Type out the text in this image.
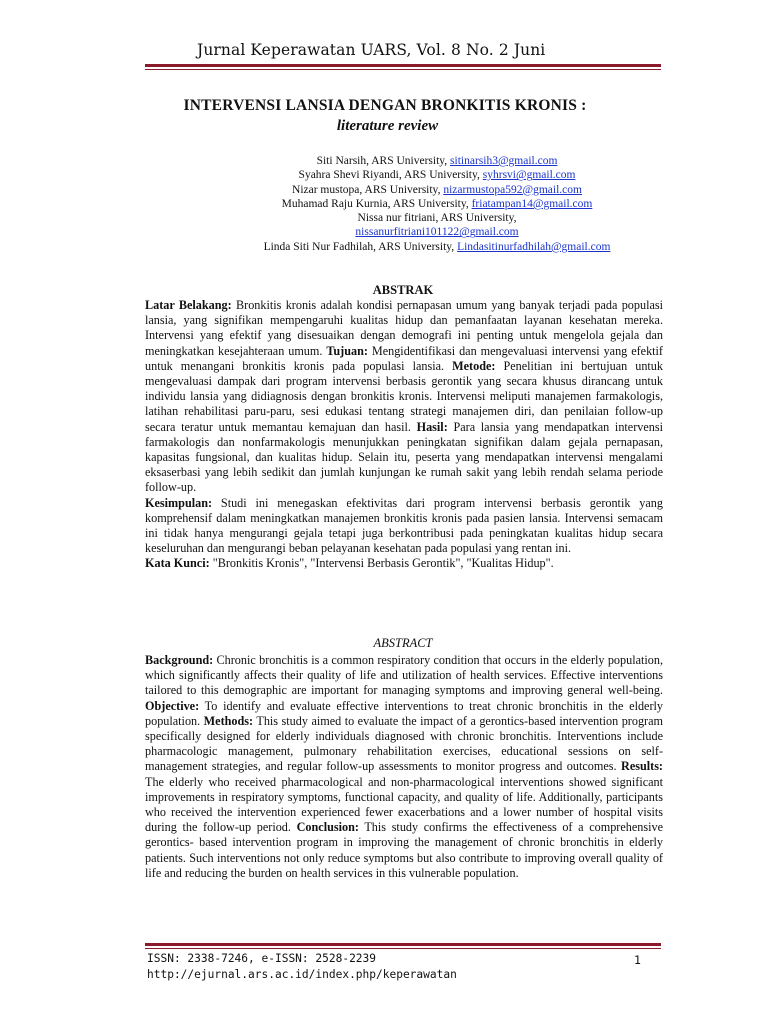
Jurnal Keperawatan UARS, Vol. 8 No. 2 Juni
INTERVENSI LANSIA DENGAN BRONKITIS KRONIS :
literature review
Siti Narsih, ARS University, sitinarsih3@gmail.com
Syahra Shevi Riyandi, ARS University, syhrsvi@gmail.com
Nizar mustopa, ARS University, nizarmustopa592@gmail.com
Muhamad Raju Kurnia, ARS University, friatampan14@gmail.com
Nissa nur fitriani, ARS University,
nissanurfitriani101122@gmail.com
Linda Siti Nur Fadhilah, ARS University, Lindasitinurfadhilah@gmail.com
ABSTRAK

Latar Belakang: Bronkitis kronis adalah kondisi pernapasan umum yang banyak terjadi pada populasi lansia, yang signifikan mempengaruhi kualitas hidup dan pemanfaatan layanan kesehatan mereka. Intervensi yang efektif yang disesuaikan dengan demografi ini penting untuk mengelola gejala dan meningkatkan kesejahteraan umum. Tujuan: Mengidentifikasi dan mengevaluasi intervensi yang efektif untuk menangani bronkitis kronis pada populasi lansia. Metode: Penelitian ini bertujuan untuk mengevaluasi dampak dari program intervensi berbasis gerontik yang secara khusus dirancang untuk individu lansia yang didiagnosis dengan bronkitis kronis. Intervensi meliputi manajemen farmakologis, latihan rehabilitasi paru-paru, sesi edukasi tentang strategi manajemen diri, dan penilaian follow-up secara teratur untuk memantau kemajuan dan hasil. Hasil: Para lansia yang mendapatkan intervensi farmakologis dan nonfarmakologis menunjukkan peningkatan signifikan dalam gejala pernapasan, kapasitas fungsional, dan kualitas hidup. Selain itu, peserta yang mendapatkan intervensi mengalami eksaserbasi yang lebih sedikit dan jumlah kunjungan ke rumah sakit yang lebih rendah selama periode follow-up.

Kesimpulan: Studi ini menegaskan efektivitas dari program intervensi berbasis gerontik yang komprehensif dalam meningkatkan manajemen bronkitis kronis pada pasien lansia. Intervensi semacam ini tidak hanya mengurangi gejala tetapi juga berkontribusi pada peningkatan kualitas hidup secara keseluruhan dan mengurangi beban pelayanan kesehatan pada populasi yang rentan ini.

Kata Kunci: "Bronkitis Kronis", "Intervensi Berbasis Gerontik", "Kualitas Hidup".

ABSTRACT

Background: Chronic bronchitis is a common respiratory condition that occurs in the elderly population, which significantly affects their quality of life and utilization of health services. Effective interventions tailored to this demographic are important for managing symptoms and improving general well-being. Objective: To identify and evaluate effective interventions to treat chronic bronchitis in the elderly population. Methods: This study aimed to evaluate the impact of a gerontics-based intervention program specifically designed for elderly individuals diagnosed with chronic bronchitis. Interventions include pharmacologic management, pulmonary rehabilitation exercises, educational sessions on self-management strategies, and regular follow-up assessments to monitor progress and outcomes. Results: The elderly who received pharmacological and non-pharmacological interventions showed significant improvements in respiratory symptoms, functional capacity, and quality of life. Additionally, participants who received the intervention experienced fewer exacerbations and a lower number of hospital visits during the follow-up period. Conclusion: This study confirms the effectiveness of a comprehensive gerontics- based intervention program in improving the management of chronic bronchitis in elderly patients. Such interventions not only reduce symptoms but also contribute to improving overall quality of life and reducing the burden on health services in this vulnerable population.

ISSN: 2338-7246, e-ISSN: 2528-2239
http://ejurnal.ars.ac.id/index.php/keperawatan
1
